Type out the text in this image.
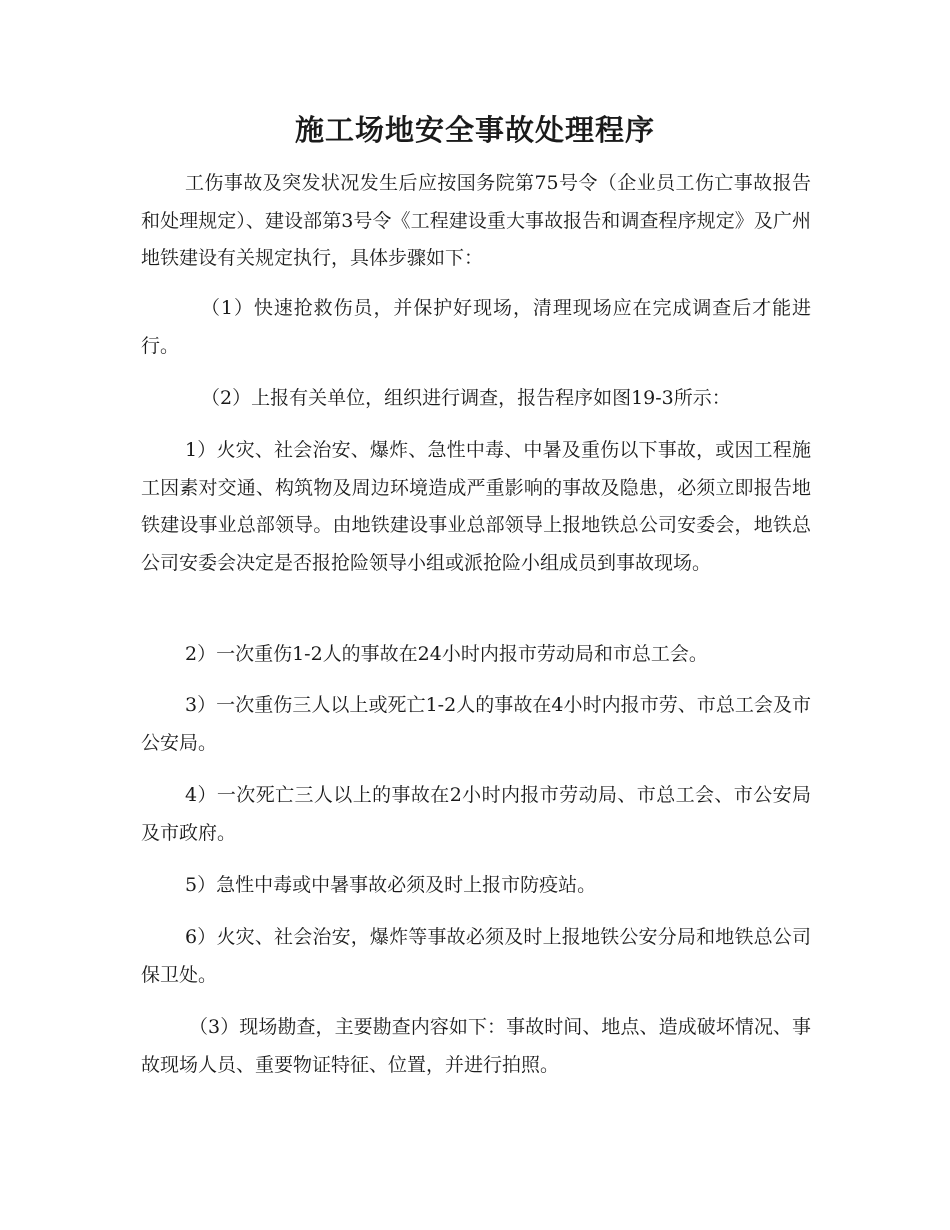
施工场地安全事故处理程序

工伤事故及突发状况发生后应按国务院第75号令（企业员工伤亡事故报告和处理规定）、建设部第3号令《工程建设重大事故报告和调查程序规定》及广州地铁建设有关规定执行，具体步骤如下：

（1）快速抢救伤员，并保护好现场，清理现场应在完成调查后才能进行。

（2）上报有关单位，组织进行调查，报告程序如图19-3所示：

1）火灾、社会治安、爆炸、急性中毒、中暑及重伤以下事故，或因工程施工因素对交通、构筑物及周边环境造成严重影响的事故及隐患，必须立即报告地铁建设事业总部领导。由地铁建设事业总部领导上报地铁总公司安委会，地铁总公司安委会决定是否报抢险领导小组或派抢险小组成员到事故现场。

2）一次重伤1-2人的事故在24小时内报市劳动局和市总工会。

3）一次重伤三人以上或死亡1-2人的事故在4小时内报市劳、市总工会及市公安局。

4）一次死亡三人以上的事故在2小时内报市劳动局、市总工会、市公安局及市政府。

5）急性中毒或中暑事故必须及时上报市防疫站。

6）火灾、社会治安，爆炸等事故必须及时上报地铁公安分局和地铁总公司保卫处。

（3）现场勘查，主要勘查内容如下：事故时间、地点、造成破坏情况、事故现场人员、重要物证特征、位置，并进行拍照。
